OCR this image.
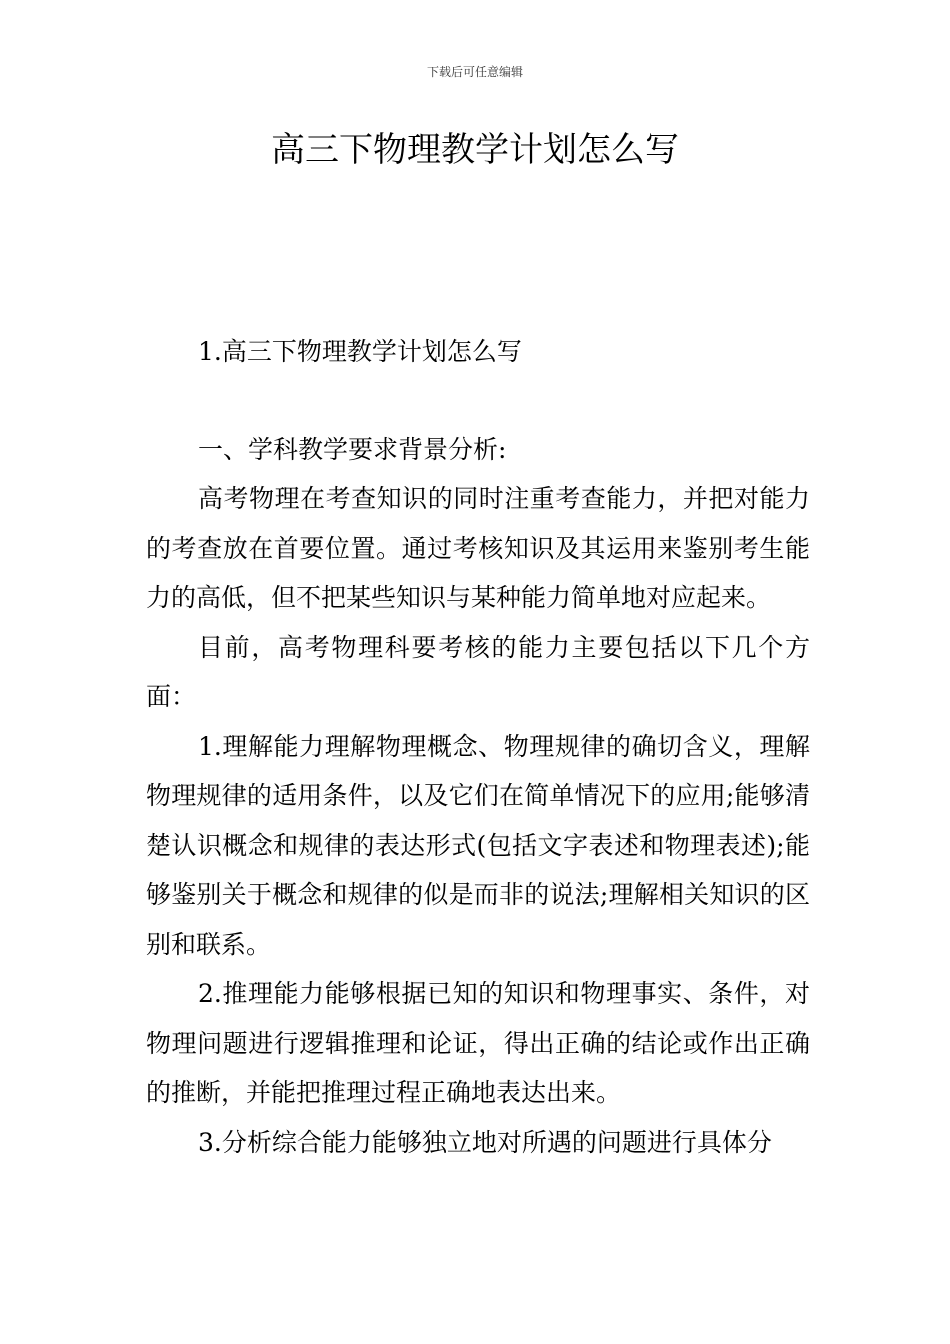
下载后可任意编辑
高三下物理教学计划怎么写

1.高三下物理教学计划怎么写

一、学科教学要求背景分析:

高考物理在考查知识的同时注重考查能力，并把对能力的考查放在首要位置。通过考核知识及其运用来鉴别考生能力的高低，但不把某些知识与某种能力简单地对应起来。

目前，高考物理科要考核的能力主要包括以下几个方面：

1.理解能力理解物理概念、物理规律的确切含义，理解物理规律的适用条件，以及它们在简单情况下的应用;能够清楚认识概念和规律的表达形式(包括文字表述和物理表述);能够鉴别关于概念和规律的似是而非的说法;理解相关知识的区别和联系。

2.推理能力能够根据已知的知识和物理事实、条件，对物理问题进行逻辑推理和论证，得出正确的结论或作出正确的推断，并能把推理过程正确地表达出来。

3.分析综合能力能够独立地对所遇的问题进行具体分
